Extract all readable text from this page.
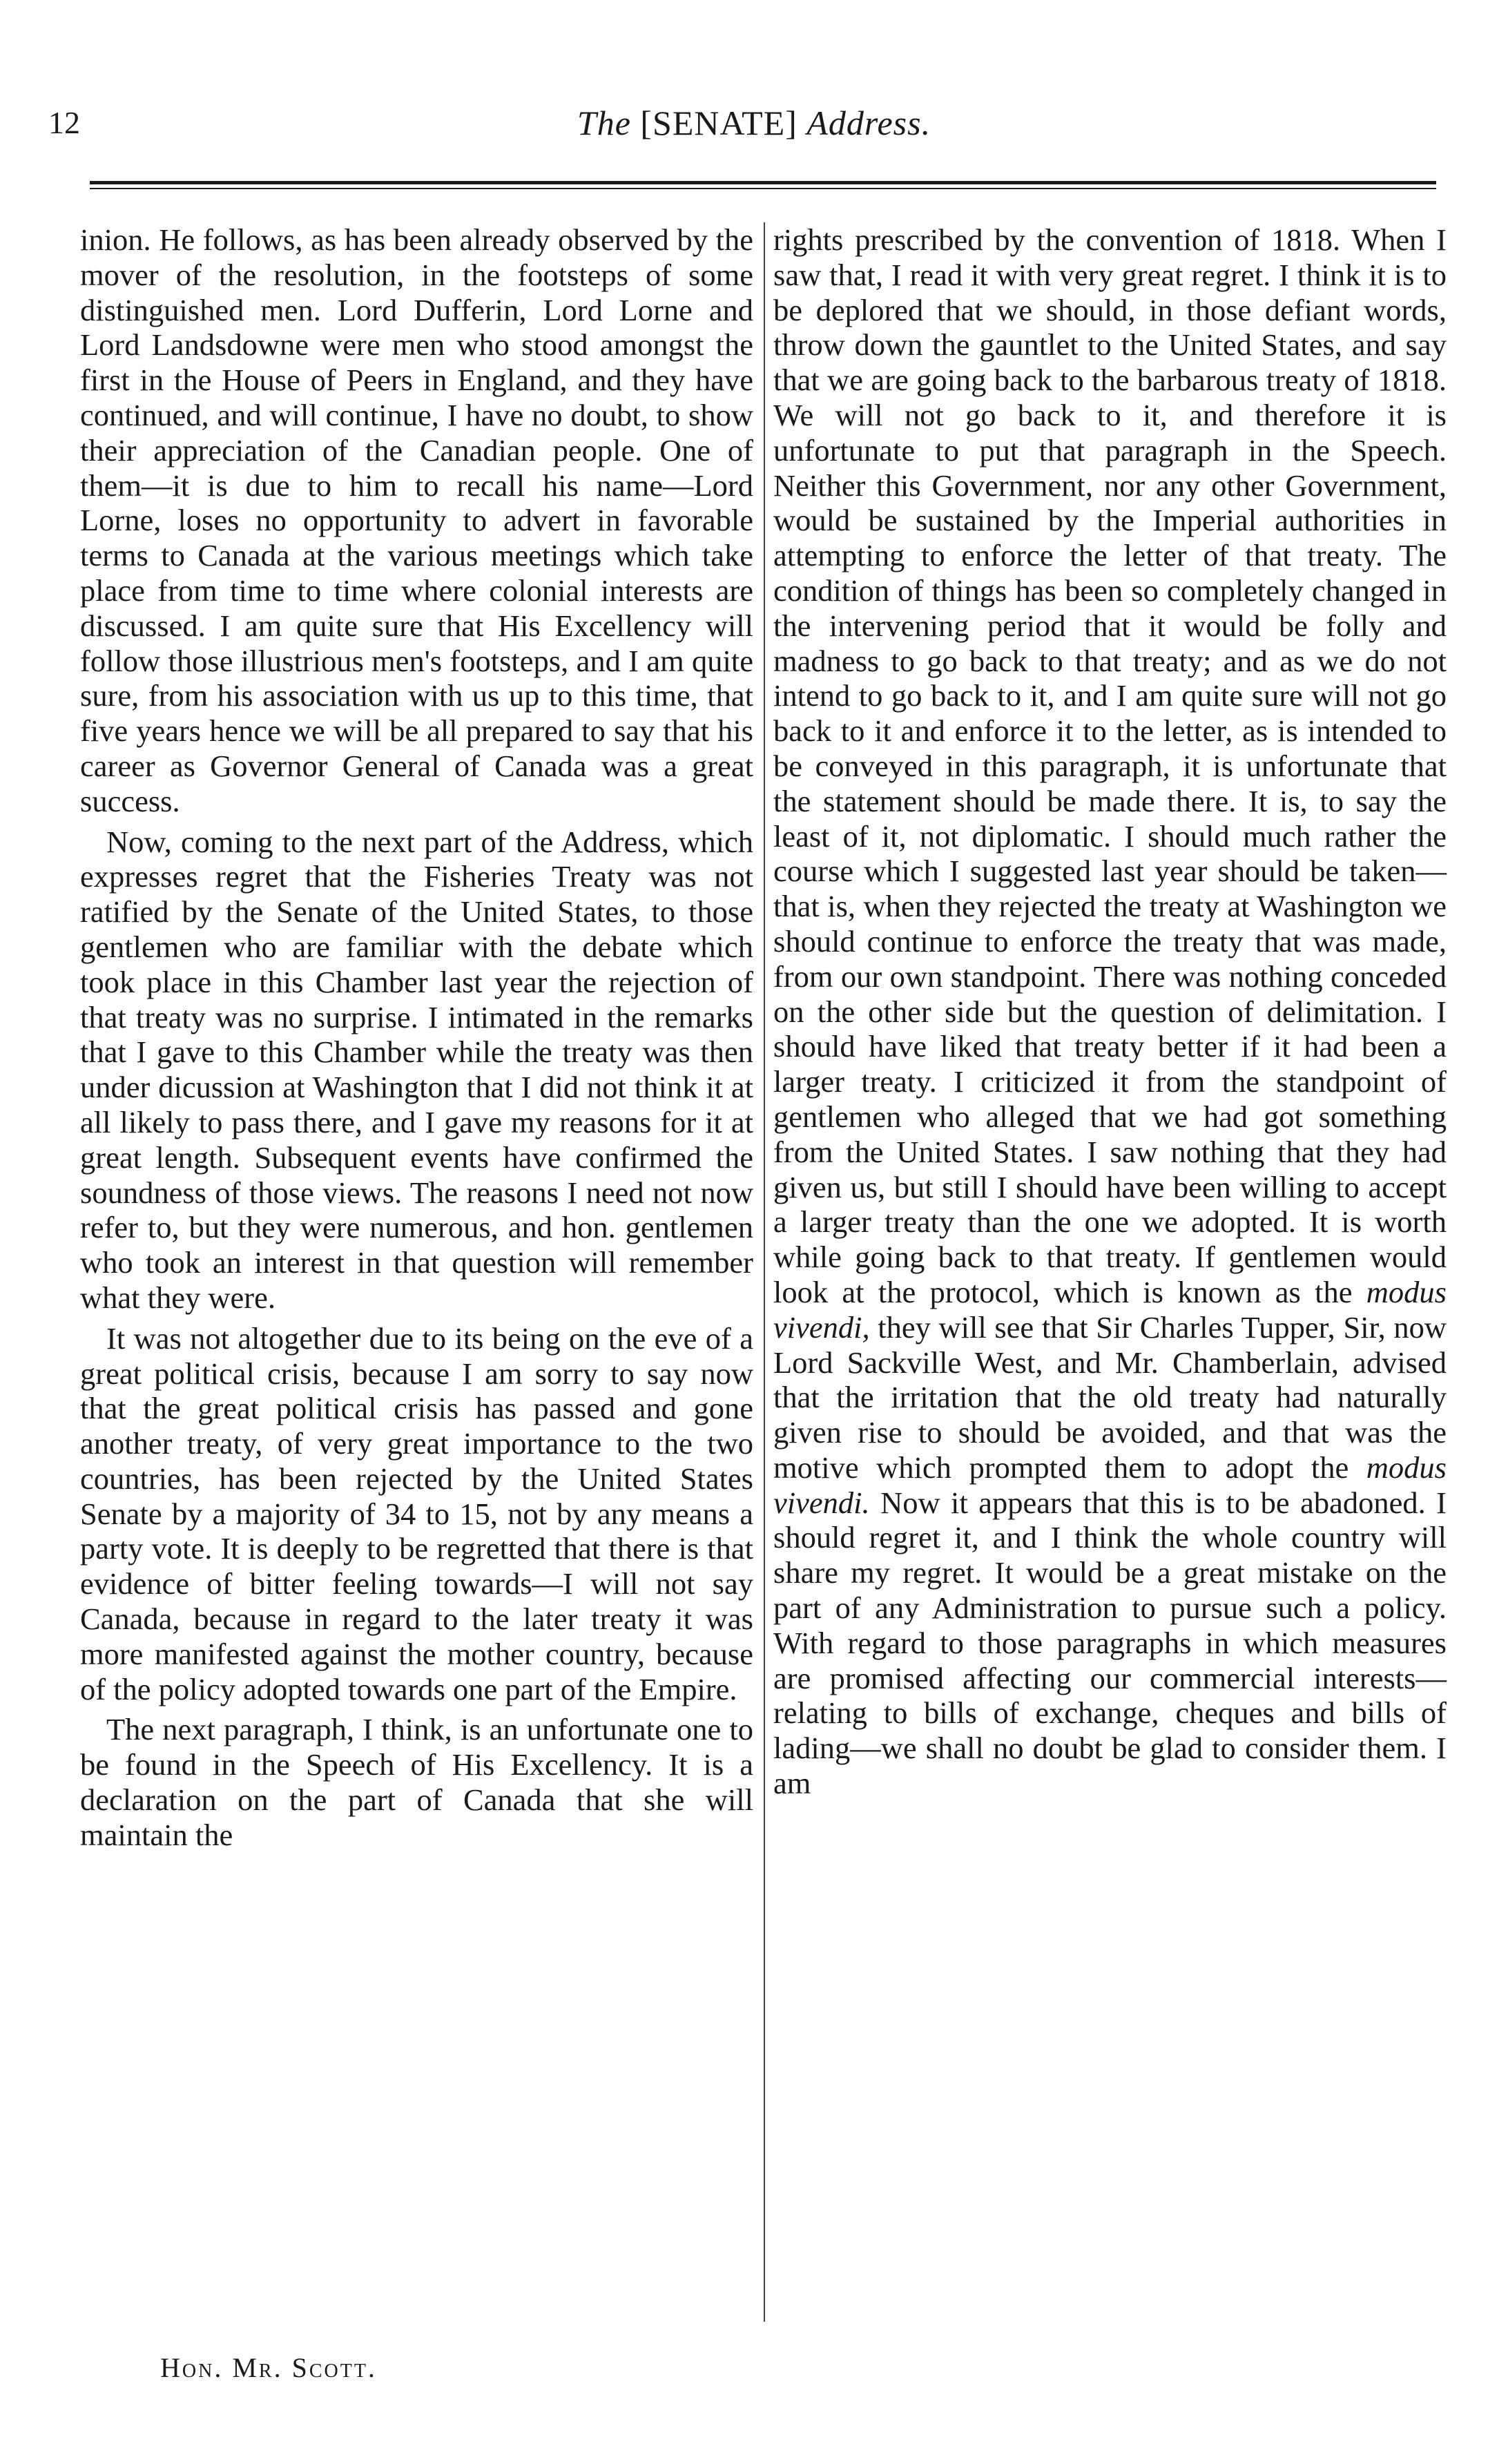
12	The [SENATE] Address.

inion. He follows, as has been already observed by the mover of the resolution, in the footsteps of some distinguished men. Lord Dufferin, Lord Lorne and Lord Landsdowne were men who stood amongst the first in the House of Peers in England, and they have continued, and will continue, I have no doubt, to show their appreciation of the Canadian people. One of them—it is due to him to recall his name—Lord Lorne, loses no opportunity to advert in favorable terms to Canada at the various meetings which take place from time to time where colonial interests are discussed. I am quite sure that His Excellency will follow those illustrious men's footsteps, and I am quite sure, from his association with us up to this time, that five years hence we will be all prepared to say that his career as Governor General of Canada was a great success.

Now, coming to the next part of the Address, which expresses regret that the Fisheries Treaty was not ratified by the Senate of the United States, to those gentlemen who are familiar with the debate which took place in this Chamber last year the rejection of that treaty was no surprise. I intimated in the remarks that I gave to this Chamber while the treaty was then under dicussion at Washington that I did not think it at all likely to pass there, and I gave my reasons for it at great length. Subsequent events have confirmed the soundness of those views. The reasons I need not now refer to, but they were numerous, and hon. gentlemen who took an interest in that question will remember what they were.

It was not altogether due to its being on the eve of a great political crisis, because I am sorry to say now that the great political crisis has passed and gone another treaty, of very great importance to the two countries, has been rejected by the United States Senate by a majority of 34 to 15, not by any means a party vote. It is deeply to be regretted that there is that evidence of bitter feeling towards—I will not say Canada, because in regard to the later treaty it was more manifested against the mother country, because of the policy adopted towards one part of the Empire.

The next paragraph, I think, is an unfortunate one to be found in the Speech of His Excellency. It is a declaration on the part of Canada that she will maintain the

rights prescribed by the convention of 1818. When I saw that, I read it with very great regret. I think it is to be deplored that we should, in those defiant words, throw down the gauntlet to the United States, and say that we are going back to the barbarous treaty of 1818. We will not go back to it, and therefore it is unfortunate to put that paragraph in the Speech. Neither this Government, nor any other Government, would be sustained by the Imperial authorities in attempting to enforce the letter of that treaty. The condition of things has been so completely changed in the intervening period that it would be folly and madness to go back to that treaty; and as we do not intend to go back to it, and I am quite sure will not go back to it and enforce it to the letter, as is intended to be conveyed in this paragraph, it is unfortunate that the statement should be made there. It is, to say the least of it, not diplomatic. I should much rather the course which I suggested last year should be taken—that is, when they rejected the treaty at Washington we should continue to enforce the treaty that was made, from our own standpoint. There was nothing conceded on the other side but the question of delimitation. I should have liked that treaty better if it had been a larger treaty. I criticized it from the standpoint of gentlemen who alleged that we had got something from the United States. I saw nothing that they had given us, but still I should have been willing to accept a larger treaty than the one we adopted. It is worth while going back to that treaty. If gentlemen would look at the protocol, which is known as the modus vivendi, they will see that Sir Charles Tupper, Sir, now Lord Sackville West, and Mr. Chamberlain, advised that the irritation that the old treaty had naturally given rise to should be avoided, and that was the motive which prompted them to adopt the modus vivendi. Now it appears that this is to be abadoned. I should regret it, and I think the whole country will share my regret. It would be a great mistake on the part of any Administration to pursue such a policy. With regard to those paragraphs in which measures are promised affecting our commercial interests—relating to bills of exchange, cheques and bills of lading—we shall no doubt be glad to consider them. I am

Hon. Mr. Scott.
